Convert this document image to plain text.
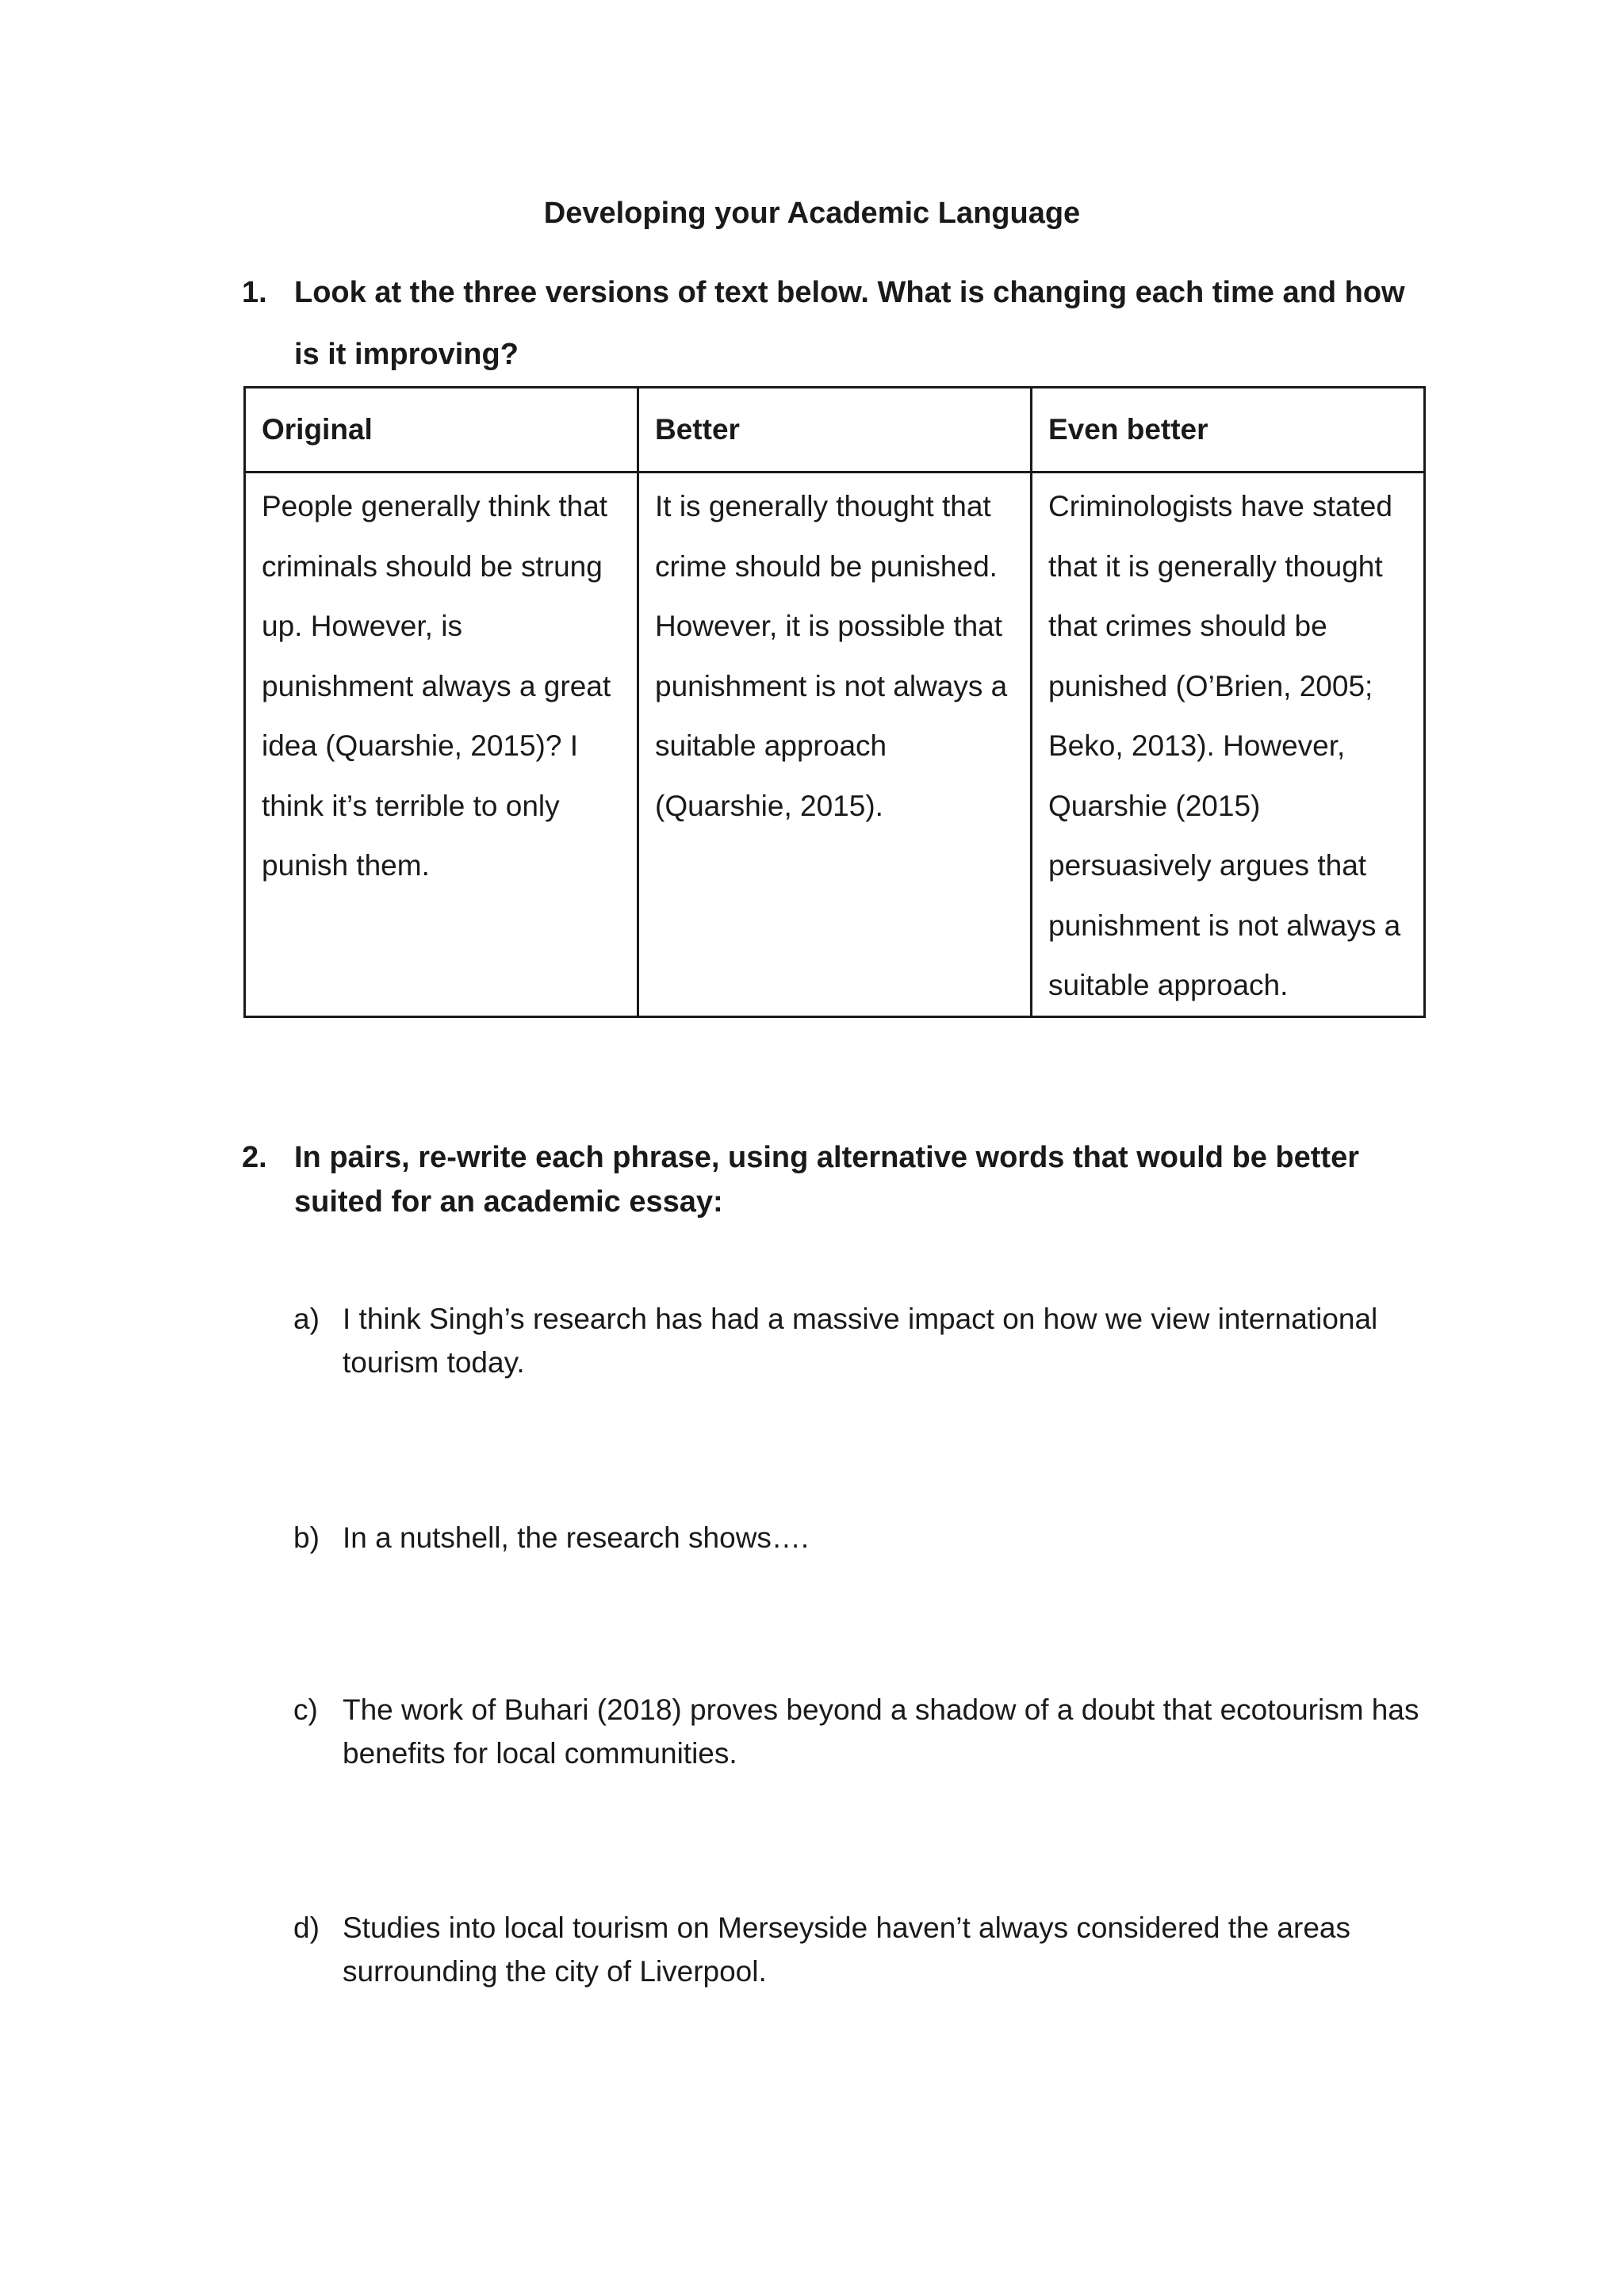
Developing your Academic Language
1. Look at the three versions of text below. What is changing each time and how is it improving?
Original	Better	Even better
People generally think that criminals should be strung up. However, is punishment always a great idea (Quarshie, 2015)? I think it’s terrible to only punish them.	It is generally thought that crime should be punished. However, it is possible that punishment is not always a suitable approach (Quarshie, 2015).	Criminologists have stated that it is generally thought that crimes should be punished (O’Brien, 2005; Beko, 2013). However, Quarshie (2015) persuasively argues that punishment is not always a suitable approach.
2. In pairs, re-write each phrase, using alternative words that would be better suited for an academic essay:
a) I think Singh’s research has had a massive impact on how we view international tourism today.
b) In a nutshell, the research shows….
c) The work of Buhari (2018) proves beyond a shadow of a doubt that ecotourism has benefits for local communities.
d) Studies into local tourism on Merseyside haven’t always considered the areas surrounding the city of Liverpool.
